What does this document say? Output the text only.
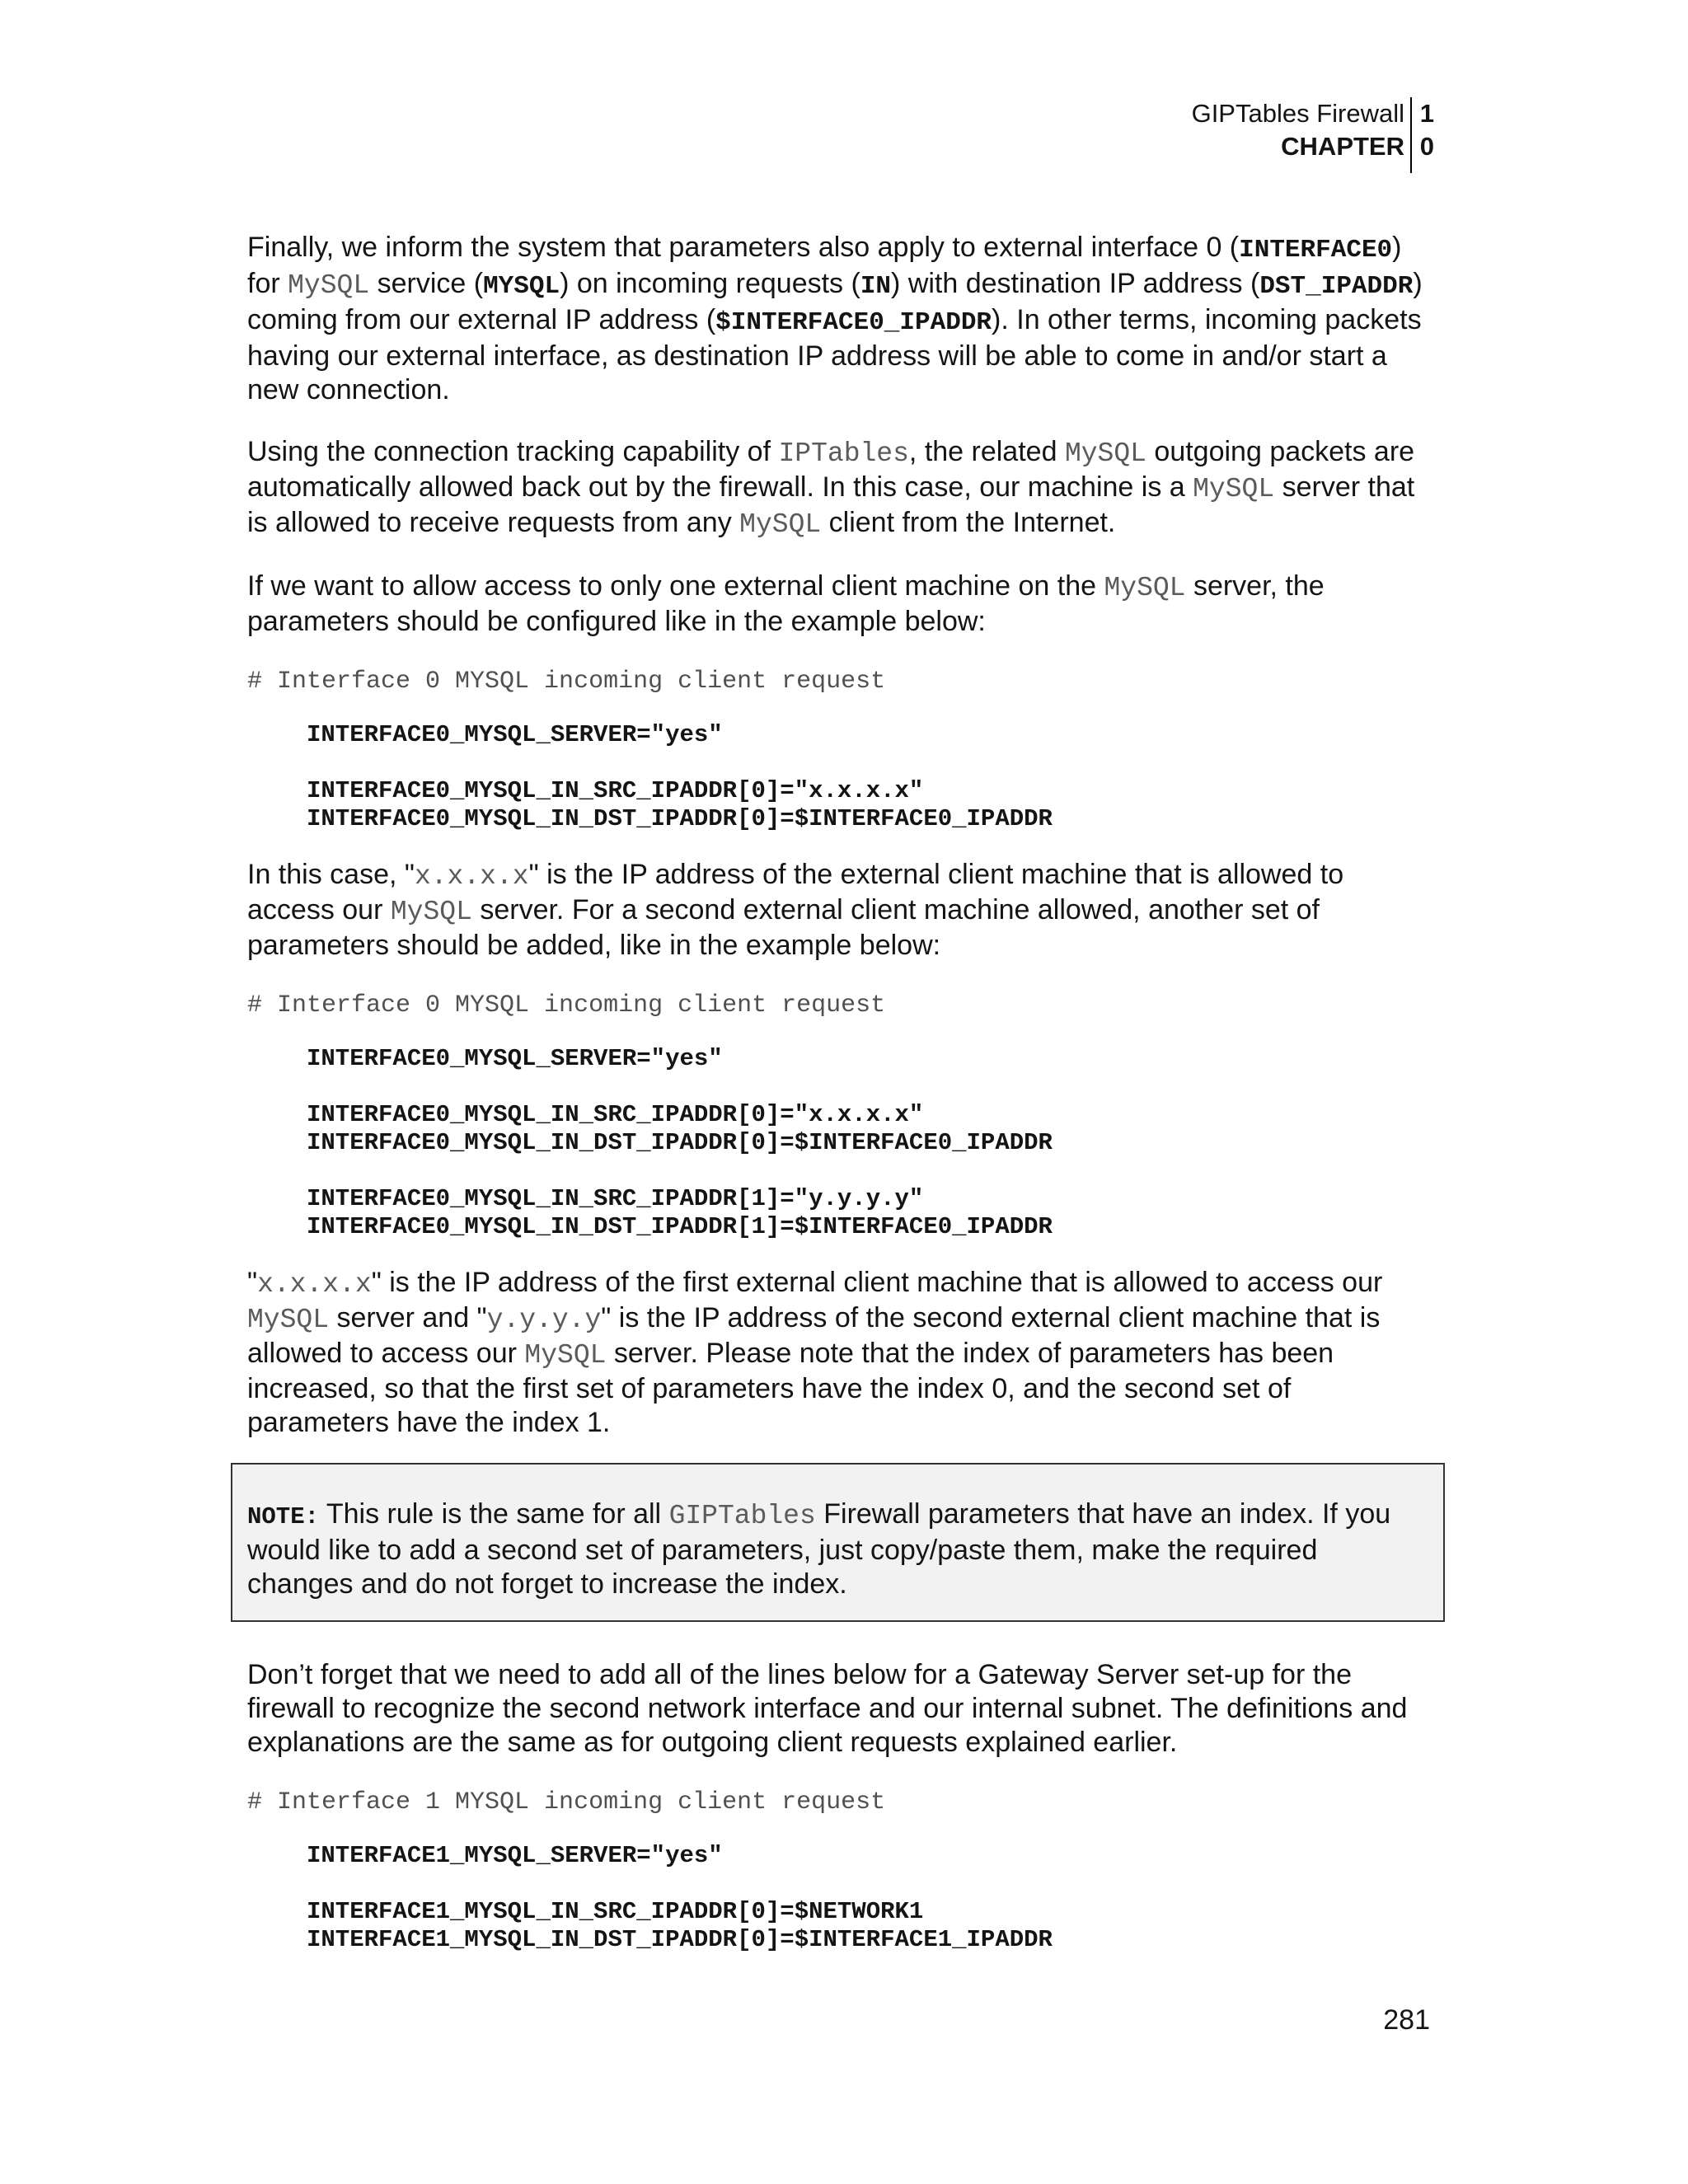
GIPTables Firewall
CHAPTER
1
0

Finally, we inform the system that parameters also apply to external interface 0 (INTERFACE0) for MySQL service (MYSQL) on incoming requests (IN) with destination IP address (DST_IPADDR) coming from our external IP address ($INTERFACE0_IPADDR). In other terms, incoming packets having our external interface, as destination IP address will be able to come in and/or start a new connection.

Using the connection tracking capability of IPTables, the related MySQL outgoing packets are automatically allowed back out by the firewall. In this case, our machine is a MySQL server that is allowed to receive requests from any MySQL client from the Internet.

If we want to allow access to only one external client machine on the MySQL server, the parameters should be configured like in the example below:

# Interface 0 MYSQL incoming client request
INTERFACE0_MYSQL_SERVER="yes"
INTERFACE0_MYSQL_IN_SRC_IPADDR[0]="x.x.x.x"
INTERFACE0_MYSQL_IN_DST_IPADDR[0]=$INTERFACE0_IPADDR

In this case, "x.x.x.x" is the IP address of the external client machine that is allowed to access our MySQL server. For a second external client machine allowed, another set of parameters should be added, like in the example below:

# Interface 0 MYSQL incoming client request
INTERFACE0_MYSQL_SERVER="yes"
INTERFACE0_MYSQL_IN_SRC_IPADDR[0]="x.x.x.x"
INTERFACE0_MYSQL_IN_DST_IPADDR[0]=$INTERFACE0_IPADDR
INTERFACE0_MYSQL_IN_SRC_IPADDR[1]="y.y.y.y"
INTERFACE0_MYSQL_IN_DST_IPADDR[1]=$INTERFACE0_IPADDR

"x.x.x.x" is the IP address of the first external client machine that is allowed to access our MySQL server and "y.y.y.y" is the IP address of the second external client machine that is allowed to access our MySQL server. Please note that the index of parameters has been increased, so that the first set of parameters have the index 0, and the second set of parameters have the index 1.

NOTE: This rule is the same for all GIPTables Firewall parameters that have an index. If you would like to add a second set of parameters, just copy/paste them, make the required changes and do not forget to increase the index.

Don’t forget that we need to add all of the lines below for a Gateway Server set-up for the firewall to recognize the second network interface and our internal subnet. The definitions and explanations are the same as for outgoing client requests explained earlier.

# Interface 1 MYSQL incoming client request
INTERFACE1_MYSQL_SERVER="yes"
INTERFACE1_MYSQL_IN_SRC_IPADDR[0]=$NETWORK1
INTERFACE1_MYSQL_IN_DST_IPADDR[0]=$INTERFACE1_IPADDR
281
